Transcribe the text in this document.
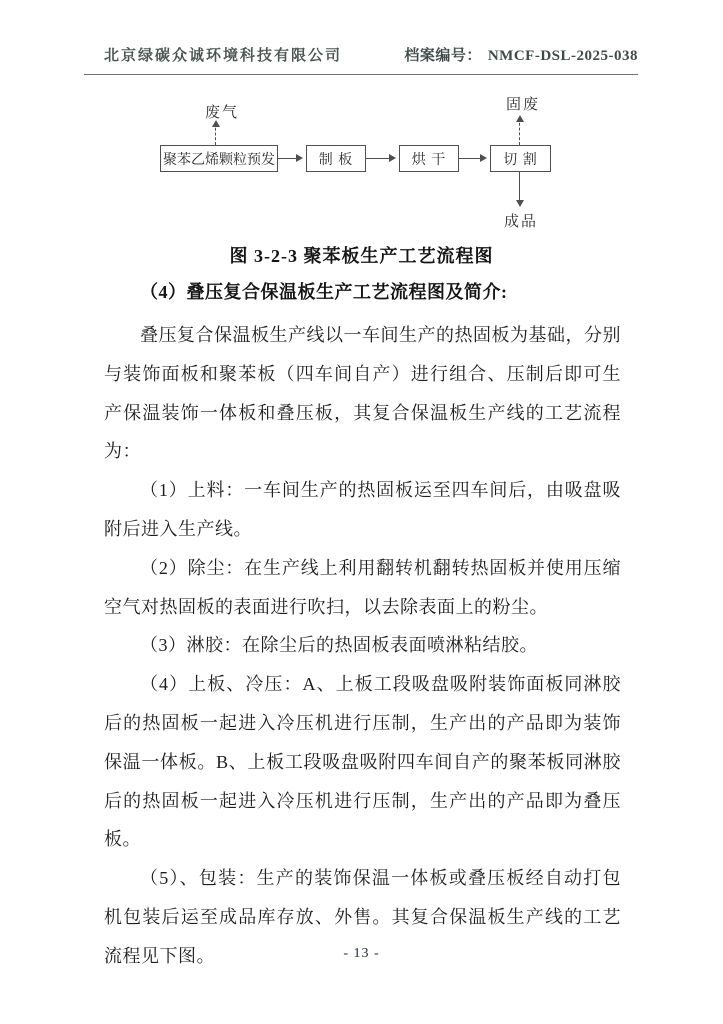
北京绿碳众诚环境科技有限公司	档案编号： NMCF-DSL-2025-038
废气	固废
成品
聚苯乙烯颗粒预发	制 板	烘 干	切 割
图 3-2-3 聚苯板生产工艺流程图
（4）叠压复合保温板生产工艺流程图及简介:

叠压复合保温板生产线以一车间生产的热固板为基础，分别与装饰面板和聚苯板（四车间自产）进行组合、压制后即可生产保温装饰一体板和叠压板，其复合保温板生产线的工艺流程为：

（1）上料：一车间生产的热固板运至四车间后，由吸盘吸附后进入生产线。

（2）除尘：在生产线上利用翻转机翻转热固板并使用压缩空气对热固板的表面进行吹扫，以去除表面上的粉尘。

（3）淋胶：在除尘后的热固板表面喷淋粘结胶。

（4）上板、冷压：A、上板工段吸盘吸附装饰面板同淋胶后的热固板一起进入冷压机进行压制，生产出的产品即为装饰保温一体板。B、上板工段吸盘吸附四车间自产的聚苯板同淋胶后的热固板一起进入冷压机进行压制，生产出的产品即为叠压板。

（5）、包装：生产的装饰保温一体板或叠压板经自动打包机包装后运至成品库存放、外售。其复合保温板生产线的工艺流程见下图。	- 13 -
